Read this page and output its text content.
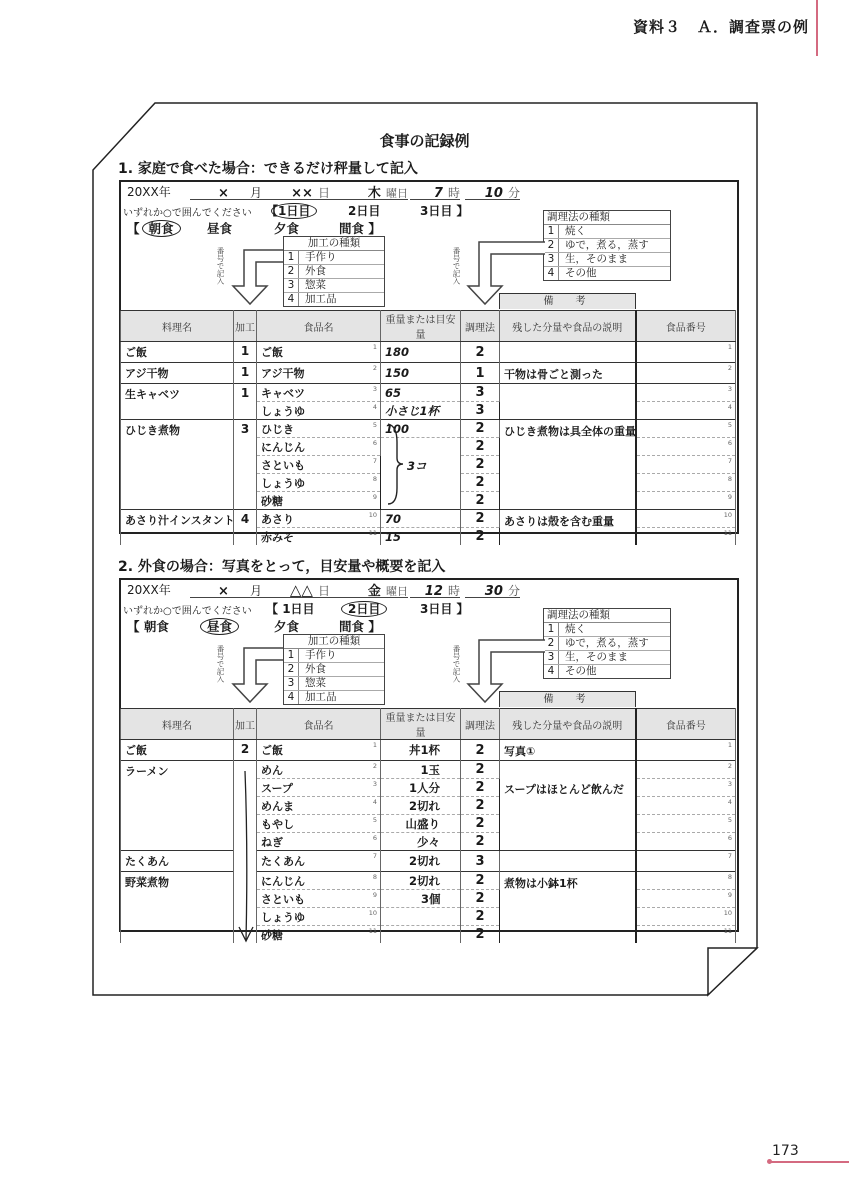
資料３　Ａ．調査票の例
食事の記録例
1. 家庭で食べた場合：できるだけ秤量して記入
20XX年	× 月	×× 日	木 曜日	7 時	10 分
いずれか○で囲んでください 【1日目	2日目	3日目 】
【 朝食	昼食	夕食	間食 】
加工の種類
1	手作り
2	外食
3	惣菜
4	加工品
番号で記入
調理法の種類
1	焼く
2	ゆで，煮る，蒸す
3	生，そのまま
4	その他
番号で記入
備　考
料理名	加工	食品名	重量または目安量	調理法	残した分量や食品の説明	食品番号
ご飯	1	ご飯 1	180	2		1

アジ干物	1	アジ干物 2	150	1	干物は骨ごと測った	2

生キャベツ	1	キャベツ 3	65	3		3

		しょうゆ 4	小さじ1杯	3		4

ひじき煮物	3	ひじき 5	100	2	ひじき煮物は具全体の重量	5

		にんじん 6	3コ	2		6

		さといも 7		2		7

		しょうゆ 8		2		8

		砂糖 9		2		9

あさり汁インスタント	4	あさり 10	70	2	あさりは殻を含む重量	10

		赤みそ 11	15	2		11
2. 外食の場合：写真をとって，目安量や概要を記入
20XX年	× 月	△△ 日	金 曜日	12 時	30 分
いずれか○で囲んでください 【 1日目	2日目	3日目 】
【 朝食	昼食	夕食	間食 】
加工の種類
1	手作り
2	外食
3	惣菜
4	加工品
番号で記入
調理法の種類
1	焼く
2	ゆで，煮る，蒸す
3	生，そのまま
4	その他
番号で記入
備　考
料理名	加工	食品名	重量または目安量	調理法	残した分量や食品の説明	食品番号
ご飯	2	ご飯 1	丼1杯	2	写真①	1

ラーメン		めん 2	1玉	2	スープはほとんど飲んだ	2

		スープ 3	1人分	2		3

		めんま 4	2切れ	2		4

		もやし 5	山盛り	2		5

		ねぎ 6	少々	2		6

たくあん		たくあん 7	2切れ	3		7

野菜煮物		にんじん 8	2切れ	2	煮物は小鉢1杯	8

		さといも 9	3個	2		9

		しょうゆ 10		2		10

		砂糖 11		2		11
173
